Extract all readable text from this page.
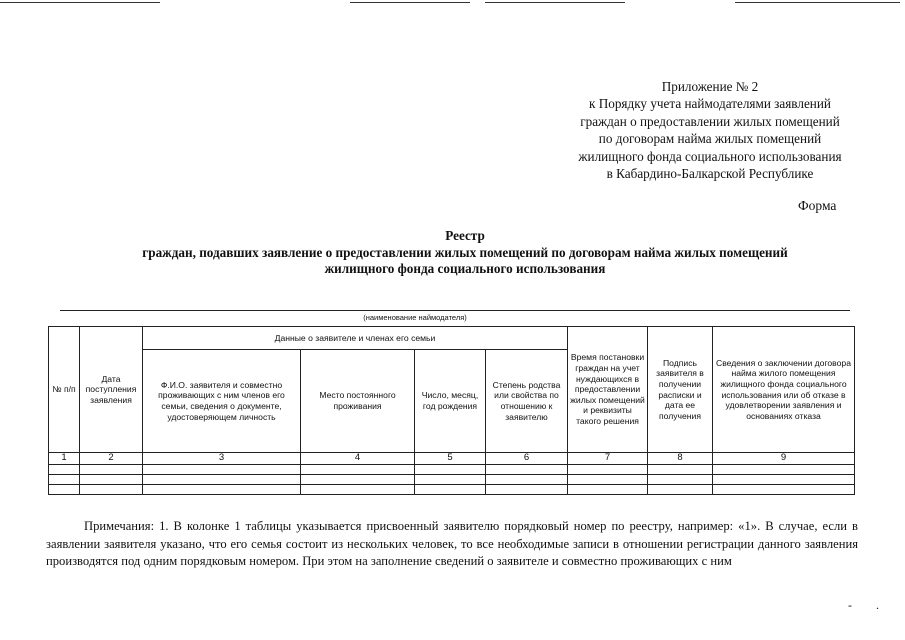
Приложение № 2
к Порядку учета наймодателями заявлений
граждан о предоставлении жилых помещений
по договорам найма жилых помещений
жилищного фонда социального использования
в Кабардино-Балкарской Республике
Форма
Реестр
граждан, подавших заявление о предоставлении жилых помещений по договорам найма жилых помещений
жилищного фонда социального использования
(наименование наймодателя)
№ п/п	Дата поступления заявления	Данные о заявителе и членах его семьи				Время постановки граждан на учет нуждающихся в предоставлении жилых помещений и реквизиты такого решения	Подпись заявителя в получении расписки и дата ее получения	Сведения о заключении договора найма жилого помещения жилищного фонда социального использования или об отказе в удовлетворении заявления и основаниях отказа
		Ф.И.О. заявителя и совместно проживающих с ним членов его семьи, сведения о документе, удостоверяющем личность	Место постоянного проживания	Число, месяц, год рождения	Степень родства или свойства по отношению к заявителю			
1	2	3	4	5	6	7	8	9

Примечания: 1. В колонке 1 таблицы указывается присвоенный заявителю порядковый номер по реестру, например: «1». В случае, если в заявлении заявителя указано, что его семья состоит из нескольких человек, то все необходимые записи в отношении регистрации данного заявления производятся под одним порядковым номером. При этом на заполнение сведений о заявителе и совместно проживающих с ним

- .
